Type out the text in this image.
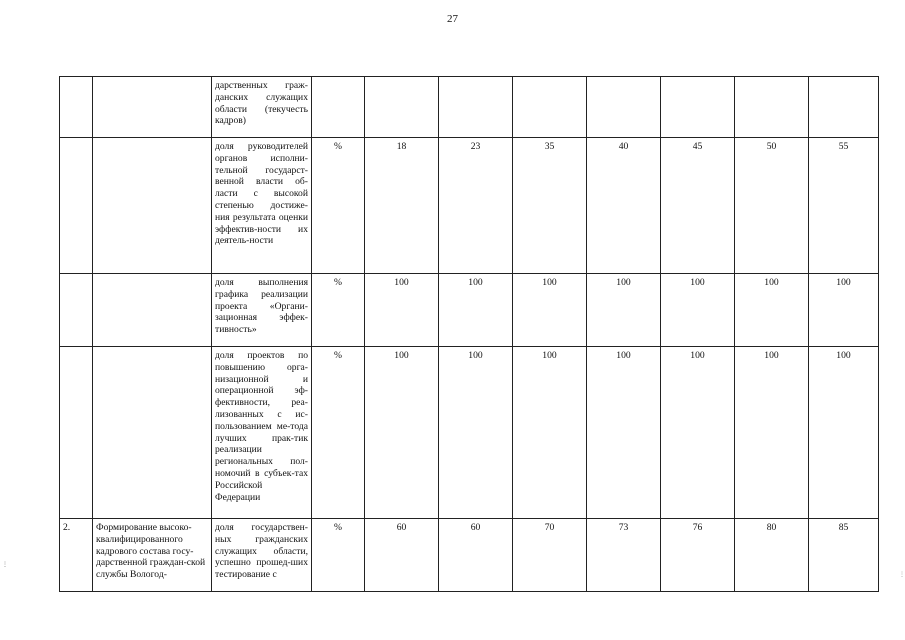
27
⋮
⋮
		дарственных граж-данских служащих области (текучесть кадров)								
		доля руководителей органов исполни-тельной государст-венной власти об-ласти с высокой степенью достиже-ния результата оценки эффектив-ности их деятель-ности	%	18	23	35	40	45	50	55
		доля выполнения графика реализации проекта «Органи-зационная эффек-тивность»	%	100	100	100	100	100	100	100
		доля проектов по повышению орга-низационной и операционной эф-фективности, реа-лизованных с ис-пользованием ме-тода лучших прак-тик реализации региональных пол-номочий в субъек-тах Российской Федерации	%	100	100	100	100	100	100	100
2.	Формирование высоко-квалифицированного кадрового состава госу-дарственной граждан-ской службы Вологод-	доля государствен-ных гражданских служащих области, успешно прошед-ших тестирование с	%	60	60	70	73	76	80	85
